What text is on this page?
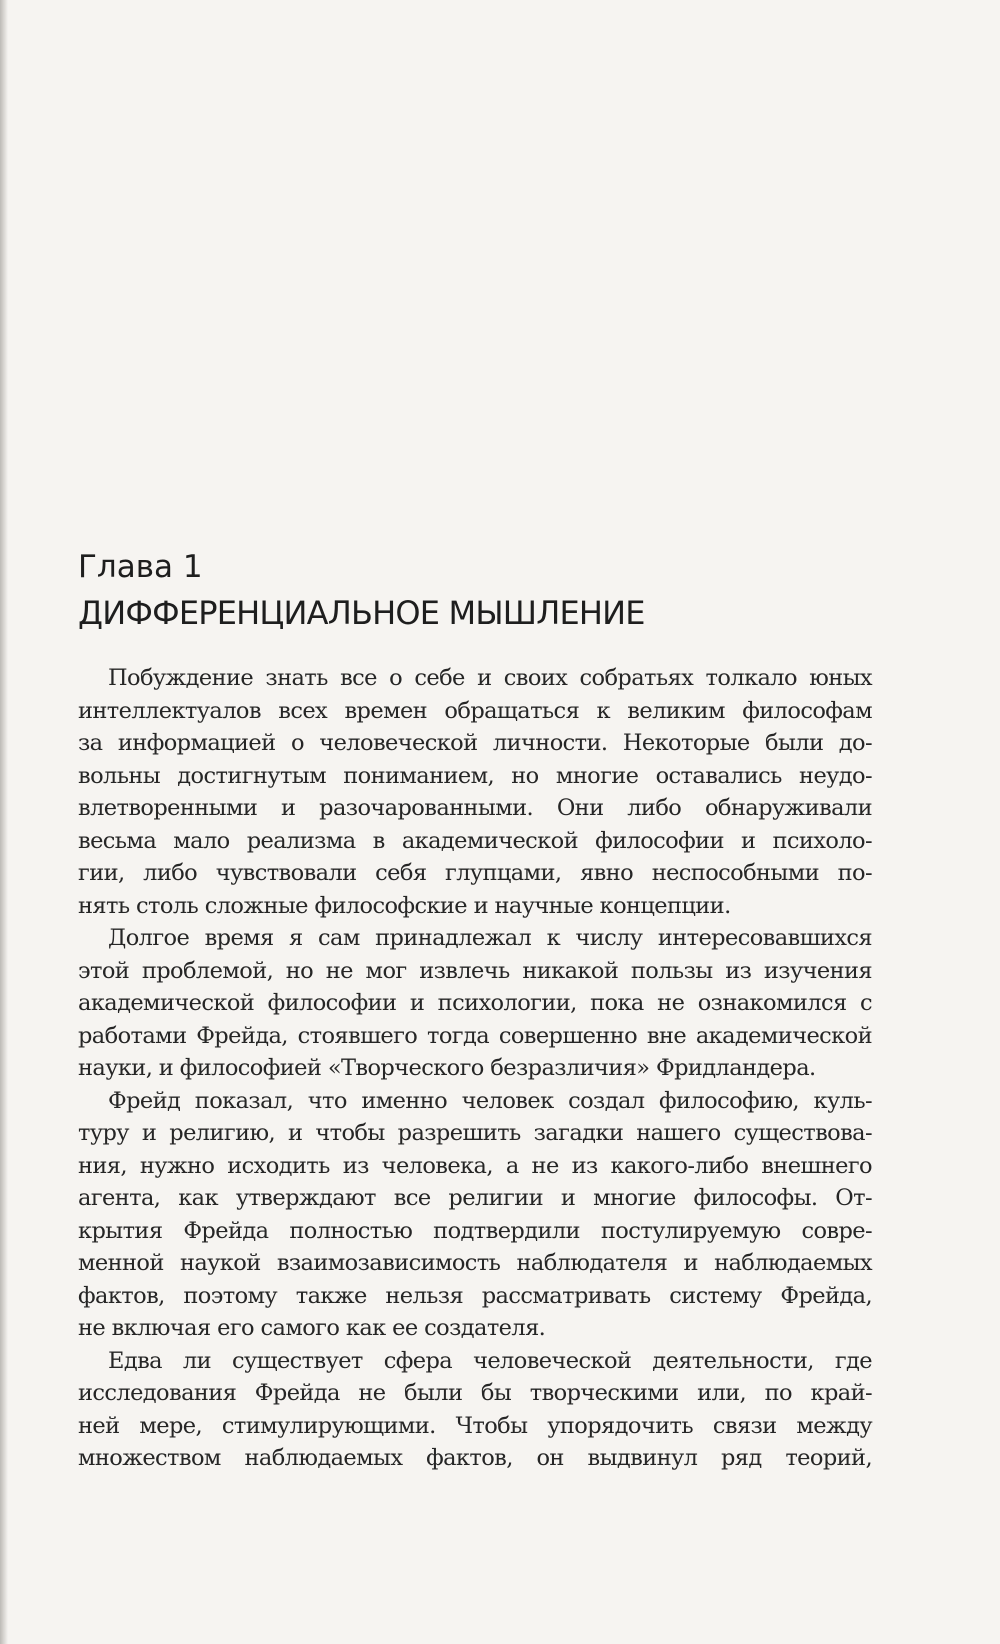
Глава 1
ДИФФЕРЕНЦИАЛЬНОЕ МЫШЛЕНИЕ

Побуждение знать все о себе и своих собратьях толкало юных
интеллектуалов всех времен обращаться к великим философам
за информацией о человеческой личности. Некоторые были до-
вольны достигнутым пониманием, но многие оставались неудо-
влетворенными и разочарованными. Они либо обнаруживали
весьма мало реализма в академической философии и психоло-
гии, либо чувствовали себя глупцами, явно неспособными по-
нять столь сложные философские и научные концепции.

Долгое время я сам принадлежал к числу интересовавшихся
этой проблемой, но не мог извлечь никакой пользы из изучения
академической философии и психологии, пока не ознакомился с
работами Фрейда, стоявшего тогда совершенно вне академической
науки, и философией «Творческого безразличия» Фридландера.

Фрейд показал, что именно человек создал философию, куль-
туру и религию, и чтобы разрешить загадки нашего существова-
ния, нужно исходить из человека, а не из какого-либо внешнего
агента, как утверждают все религии и многие философы. От-
крытия Фрейда полностью подтвердили постулируемую совре-
менной наукой взаимозависимость наблюдателя и наблюдаемых
фактов, поэтому также нельзя рассматривать систему Фрейда,
не включая его самого как ее создателя.

Едва ли существует сфера человеческой деятельности, где
исследования Фрейда не были бы творческими или, по край-
ней мере, стимулирующими. Чтобы упорядочить связи между
множеством наблюдаемых фактов, он выдвинул ряд теорий,
